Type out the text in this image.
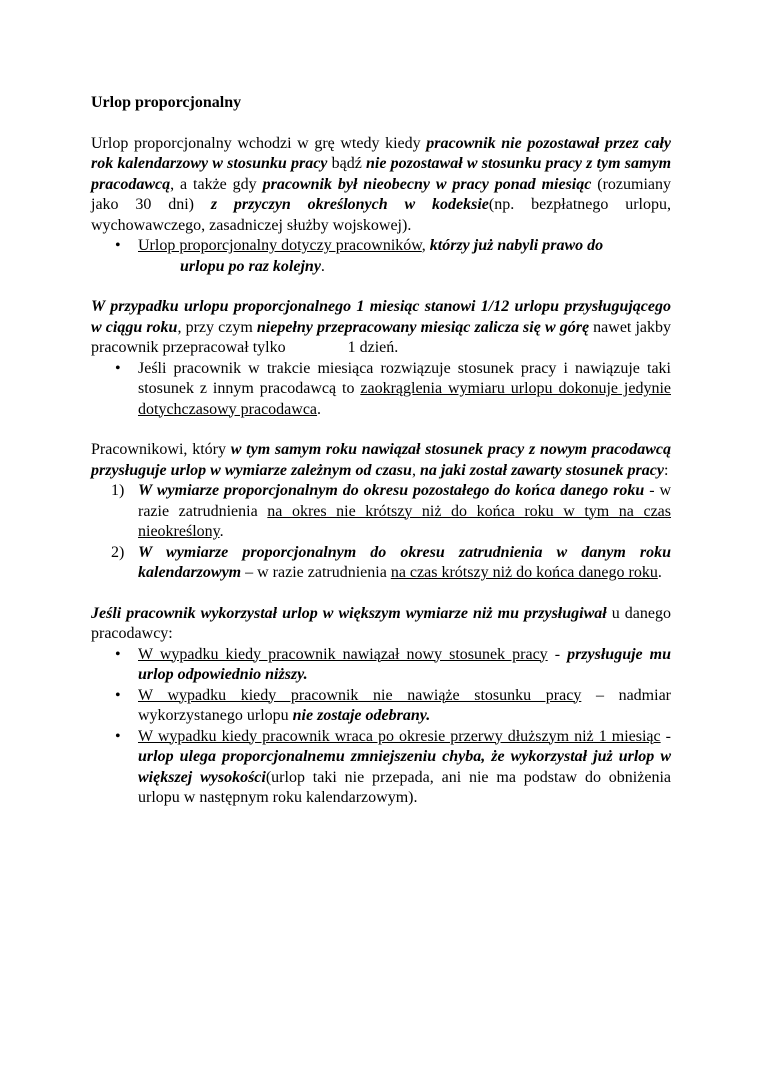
Urlop proporcjonalny

Urlop proporcjonalny wchodzi w grę wtedy kiedy pracownik nie pozostawał przez cały rok kalendarzowy w stosunku pracy bądź nie pozostawał w stosunku pracy z tym samym pracodawcą, a także gdy pracownik był nieobecny w pracy ponad miesiąc (rozumiany jako 30 dni) z przyczyn określonych w kodeksie(np. bezpłatnego urlopu, wychowawczego, zasadniczej służby wojskowej).

• Urlop proporcjonalny dotyczy pracowników, którzy już nabyli prawo do
urlopu po raz kolejny.

W przypadku urlopu proporcjonalnego 1 miesiąc stanowi 1/12 urlopu przysługującego w ciągu roku, przy czym niepełny przepracowany miesiąc zalicza się w górę nawet jakby pracownik przepracował tylko	1 dzień.

• Jeśli pracownik w trakcie miesiąca rozwiązuje stosunek pracy i nawiązuje taki stosunek z innym pracodawcą to zaokrąglenia wymiaru urlopu dokonuje jedynie dotychczasowy pracodawca.

Pracownikowi, który w tym samym roku nawiązał stosunek pracy z nowym pracodawcą przysługuje urlop w wymiarze zależnym od czasu, na jaki został zawarty stosunek pracy:

1) W wymiarze proporcjonalnym do okresu pozostałego do końca danego roku - w razie zatrudnienia na okres nie krótszy niż do końca roku w tym na czas nieokreślony.
2) W wymiarze proporcjonalnym do okresu zatrudnienia w danym roku kalendarzowym – w razie zatrudnienia na czas krótszy niż do końca danego roku.

Jeśli pracownik wykorzystał urlop w większym wymiarze niż mu przysługiwał u danego pracodawcy:

• W wypadku kiedy pracownik nawiązał nowy stosunek pracy - przysługuje mu urlop odpowiednio niższy.
• W wypadku kiedy pracownik nie nawiąże stosunku pracy – nadmiar wykorzystanego urlopu nie zostaje odebrany.
• W wypadku kiedy pracownik wraca po okresie przerwy dłuższym niż 1 miesiąc - urlop ulega proporcjonalnemu zmniejszeniu chyba, że wykorzystał już urlop w większej wysokości(urlop taki nie przepada, ani nie ma podstaw do obniżenia urlopu w następnym roku kalendarzowym).
